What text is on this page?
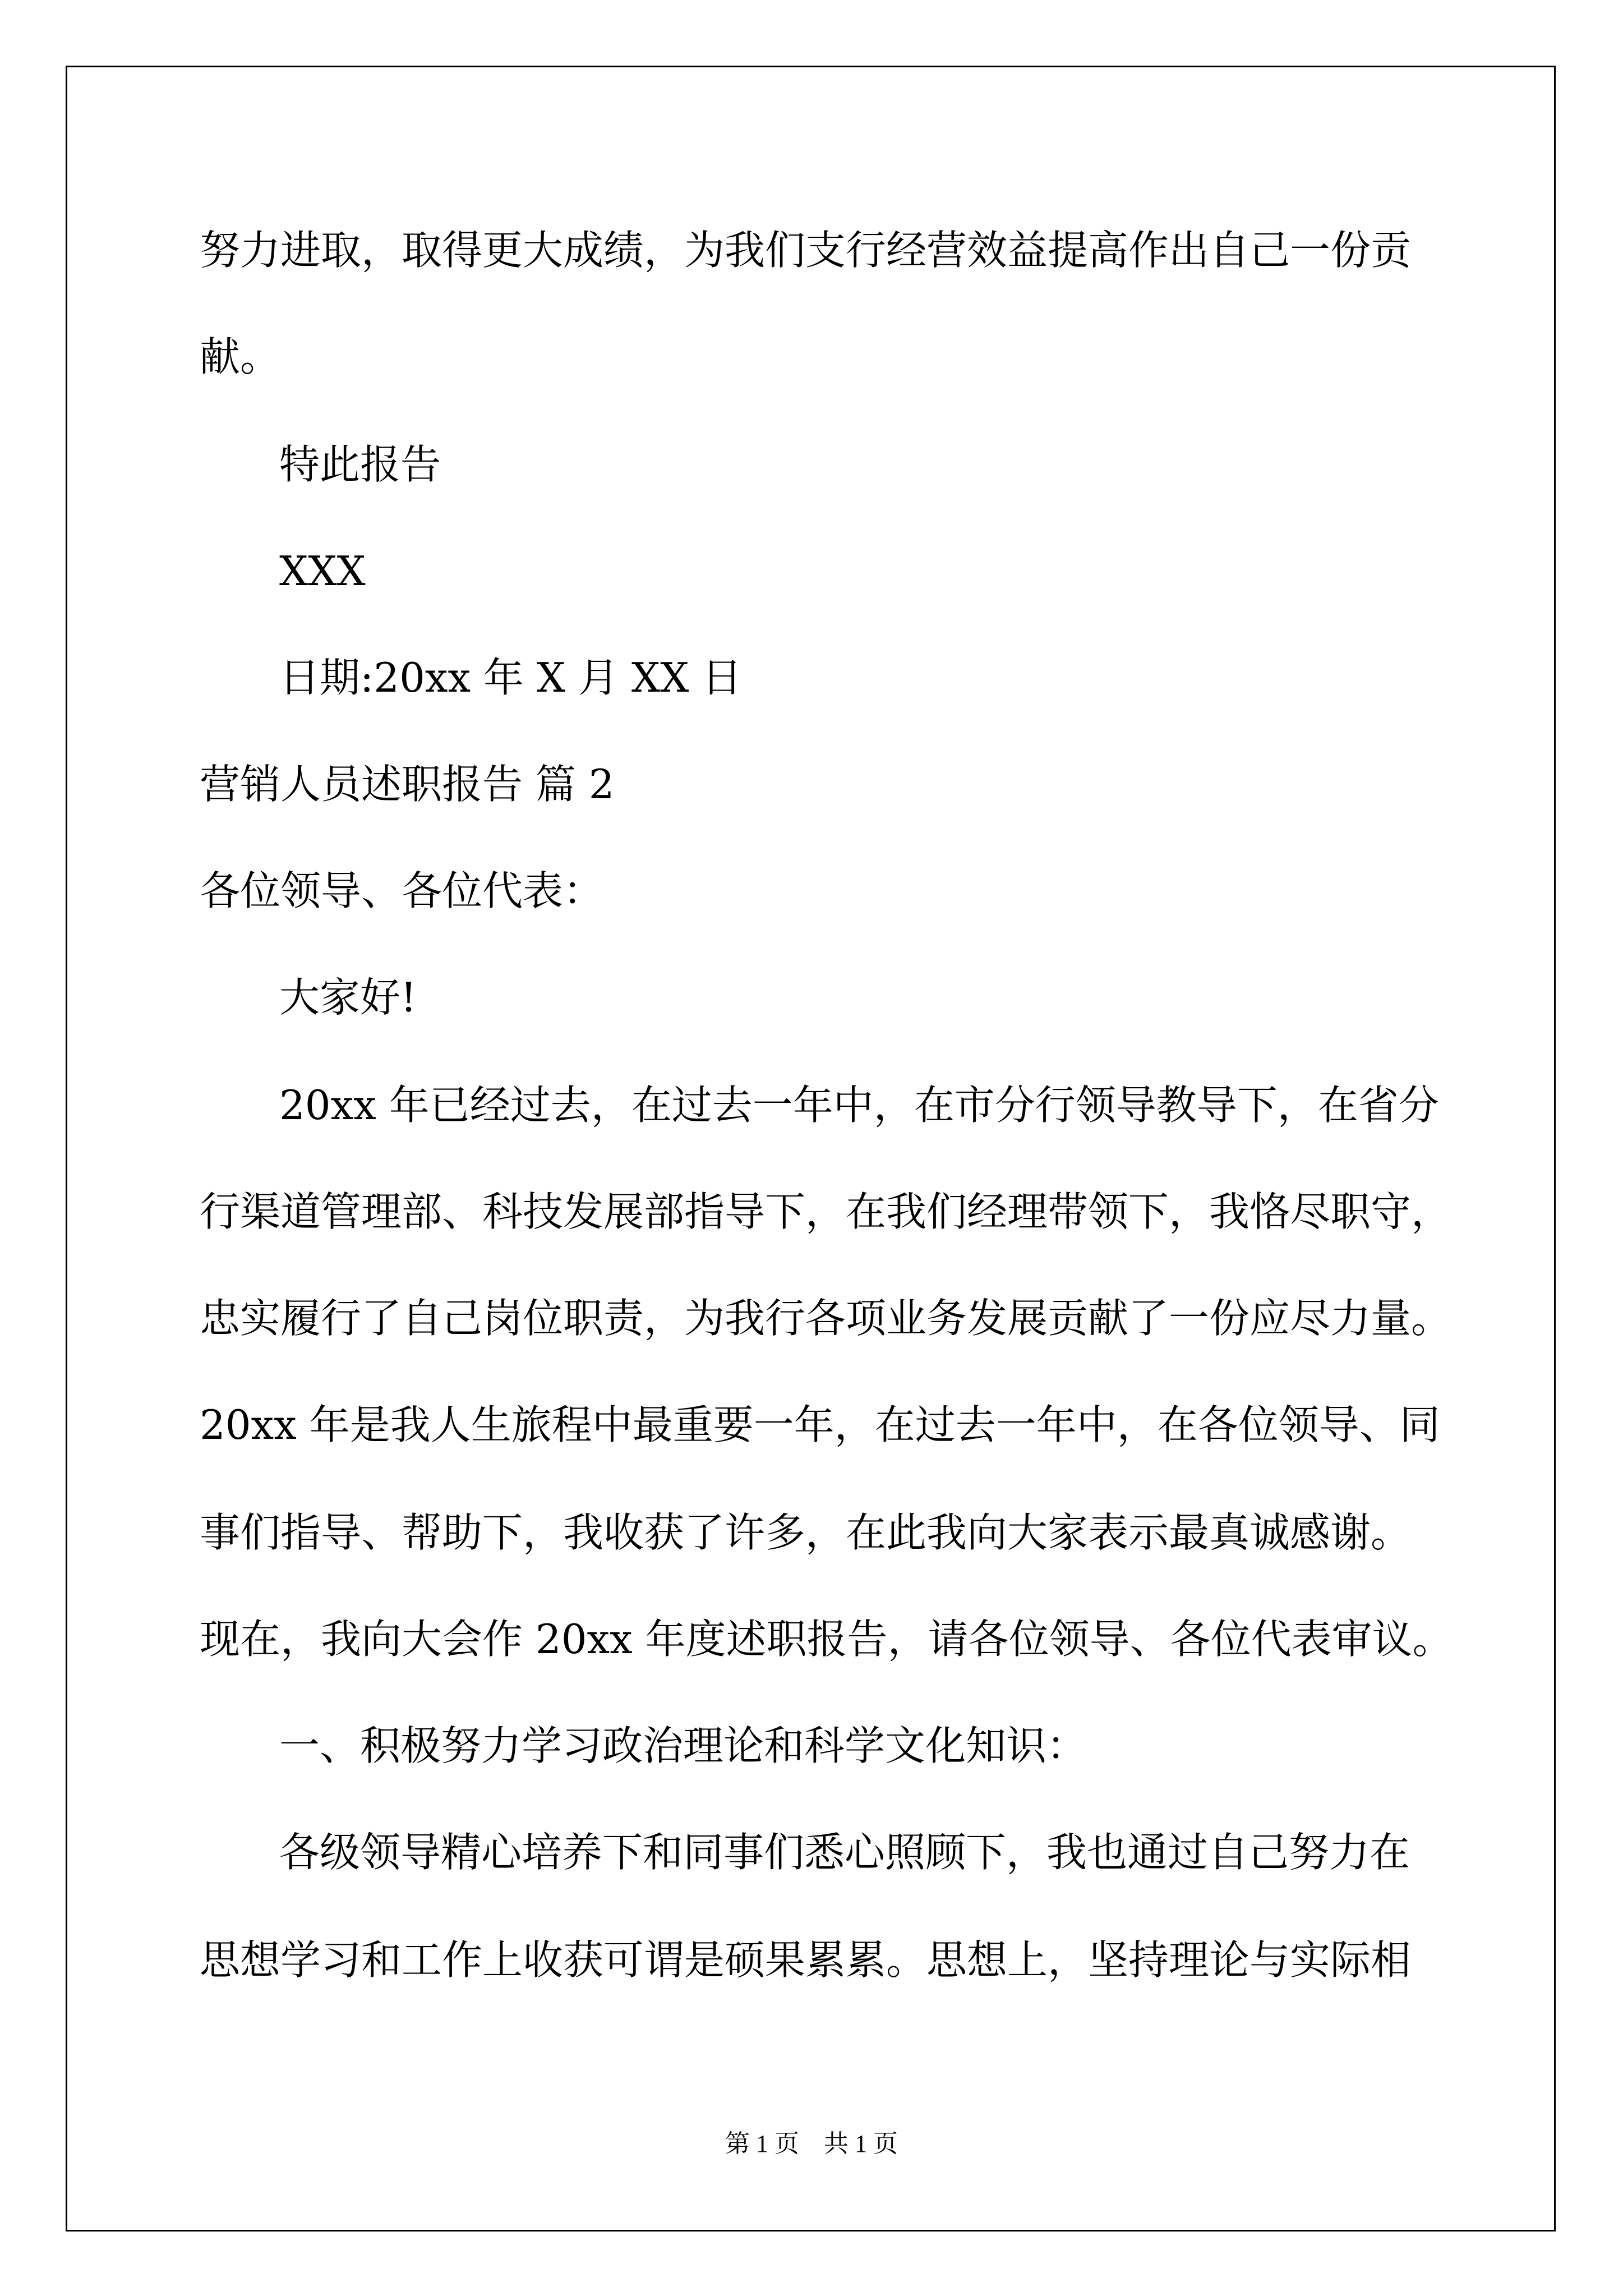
努力进取，取得更大成绩，为我们支行经营效益提高作出自己一份贡
献。
特此报告
XXX
日期:20xx 年 X 月 XX 日
营销人员述职报告 篇 2
各位领导、各位代表：
大家好!
20xx 年已经过去，在过去一年中，在市分行领导教导下，在省分
行渠道管理部、科技发展部指导下，在我们经理带领下，我恪尽职守，
忠实履行了自己岗位职责，为我行各项业务发展贡献了一份应尽力量。
20xx 年是我人生旅程中最重要一年，在过去一年中，在各位领导、同
事们指导、帮助下，我收获了许多，在此我向大家表示最真诚感谢。
现在，我向大会作 20xx 年度述职报告，请各位领导、各位代表审议。
一、积极努力学习政治理论和科学文化知识：
各级领导精心培养下和同事们悉心照顾下，我也通过自己努力在
思想学习和工作上收获可谓是硕果累累。思想上，坚持理论与实际相
第 1 页　共 1 页
